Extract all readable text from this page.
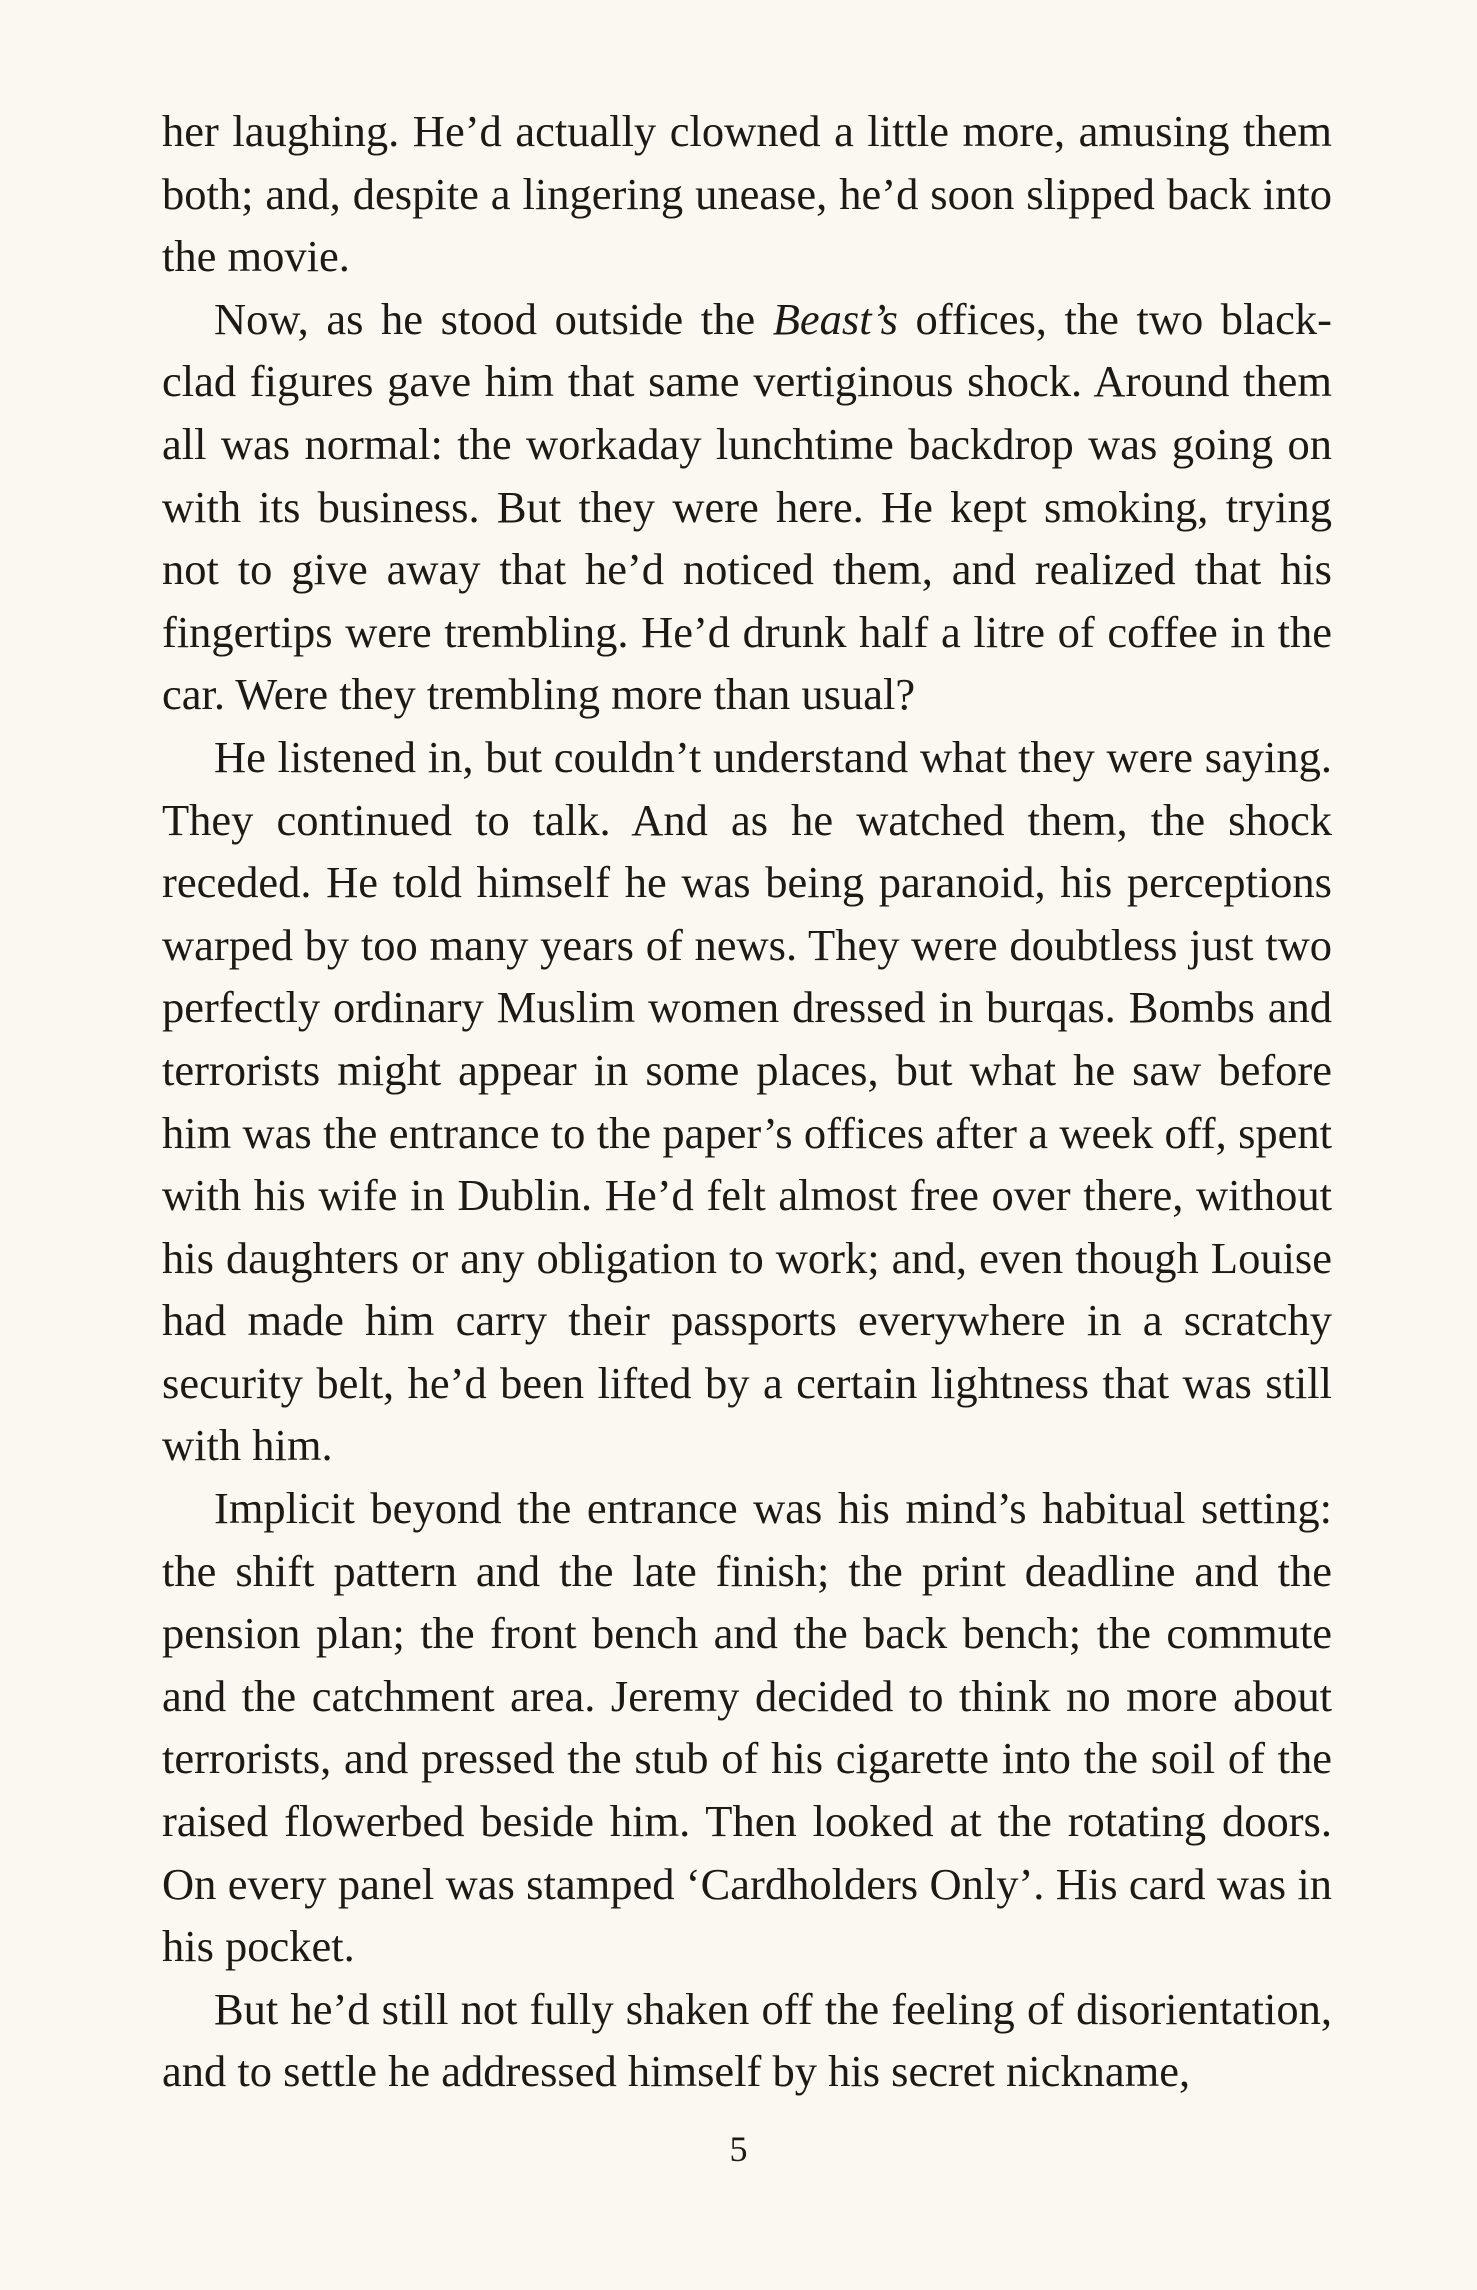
her laughing. He’d actually clowned a little more, amusing them both; and, despite a lingering unease, he’d soon slipped back into the movie.

Now, as he stood outside the Beast’s offices, the two black-clad figures gave him that same vertiginous shock. Around them all was normal: the workaday lunchtime backdrop was going on with its business. But they were here. He kept smoking, trying not to give away that he’d noticed them, and realized that his fingertips were trembling. He’d drunk half a litre of coffee in the car. Were they trembling more than usual?

He listened in, but couldn’t understand what they were saying. They continued to talk. And as he watched them, the shock receded. He told himself he was being paranoid, his perceptions warped by too many years of news. They were doubtless just two perfectly ordinary Muslim women dressed in burqas. Bombs and terrorists might appear in some places, but what he saw before him was the entrance to the paper’s offices after a week off, spent with his wife in Dublin. He’d felt almost free over there, without his daughters or any obligation to work; and, even though Louise had made him carry their passports everywhere in a scratchy security belt, he’d been lifted by a certain lightness that was still with him.

Implicit beyond the entrance was his mind’s habitual setting: the shift pattern and the late finish; the print deadline and the pension plan; the front bench and the back bench; the commute and the catchment area. Jeremy decided to think no more about terrorists, and pressed the stub of his cigarette into the soil of the raised flowerbed beside him. Then looked at the rotating doors. On every panel was stamped ‘Cardholders Only’. His card was in his pocket.

But he’d still not fully shaken off the feeling of disorientation, and to settle he addressed himself by his secret nickname,

5
